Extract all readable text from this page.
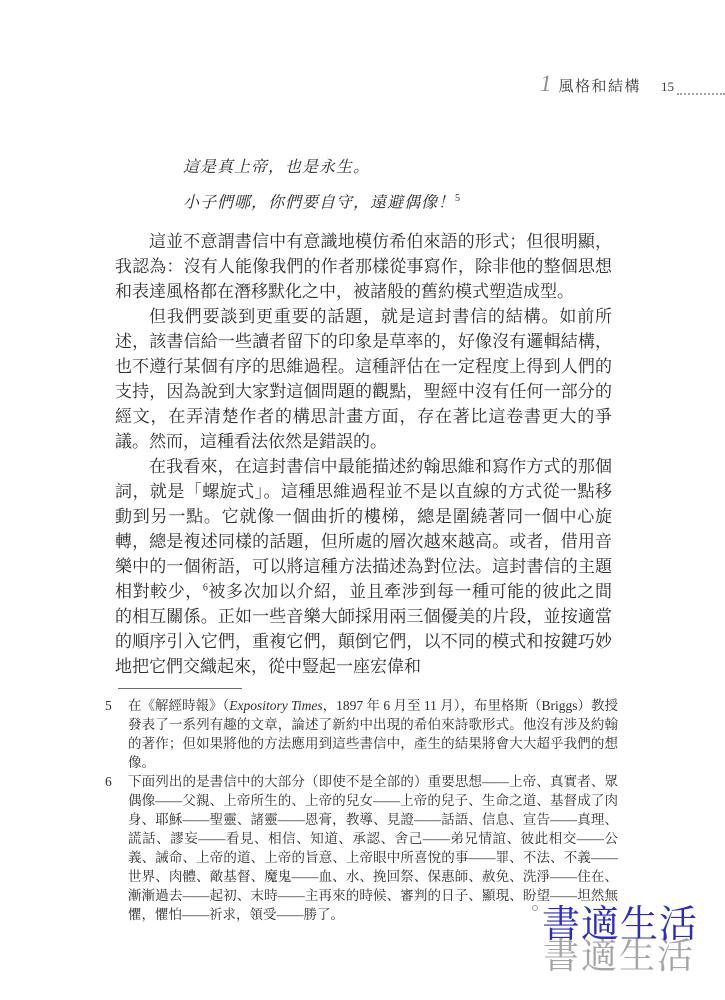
1 風格和結構 15
這是真上帝，也是永生。
小子們哪，你們要自守，遠避偶像！$^5$

這並不意謂書信中有意識地模仿希伯來語的形式；但很明顯，我認為：沒有人能像我們的作者那樣從事寫作，除非他的整個思想和表達風格都在潛移默化之中，被諸般的舊約模式塑造成型。

但我們要談到更重要的話題，就是這封書信的結構。如前所述，該書信給一些讀者留下的印象是草率的，好像沒有邏輯結構，也不遵行某個有序的思維過程。這種評估在一定程度上得到人們的支持，因為說到大家對這個問題的觀點，聖經中沒有任何一部分的經文，在弄清楚作者的構思計畫方面，存在著比這卷書更大的爭議。然而，這種看法依然是錯誤的。

在我看來，在這封書信中最能描述約翰思維和寫作方式的那個詞，就是「螺旋式」。這種思維過程並不是以直線的方式從一點移動到另一點。它就像一個曲折的樓梯，總是圍繞著同一個中心旋轉，總是複述同樣的話題，但所處的層次越來越高。或者，借用音樂中的一個術語，可以將這種方法描述為對位法。這封書信的主題相對較少，$^6$被多次加以介紹，並且牽涉到每一種可能的彼此之間的相互關係。正如一些音樂大師採用兩三個優美的片段，並按適當的順序引入它們，重複它們，顛倒它們，以不同的模式和按鍵巧妙地把它們交織起來，從中豎起一座宏偉和

5	在《解經時報》（Expository Times，1897 年 6 月至 11 月），布里格斯（Briggs）教授發表了一系列有趣的文章，論述了新約中出現的希伯來詩歌形式。他沒有涉及約翰的著作；但如果將他的方法應用到這些書信中，產生的結果將會大大超乎我們的想像。

6	下面列出的是書信中的大部分（即使不是全部的）重要思想——上帝、真實者、眾偶像——父親、上帝所生的、上帝的兒女——上帝的兒子、生命之道、基督成了肉身、耶穌——聖靈、諸靈——恩膏，教導、見證——話語、信息、宣告——真理、謊話、謬妄——看見、相信、知道、承認、舍己——弟兄情誼、彼此相交——公義、誡命、上帝的道、上帝的旨意、上帝眼中所喜悅的事——罪、不法、不義——世界、肉體、敵基督、魔鬼——血、水、挽回祭、保惠師、赦免、洗淨——住在、漸漸過去——起初、末時——主再來的時候、審判的日子、顯現、盼望——坦然無懼，懼怕——祈求，領受——勝了。

書適生活
書適生活
